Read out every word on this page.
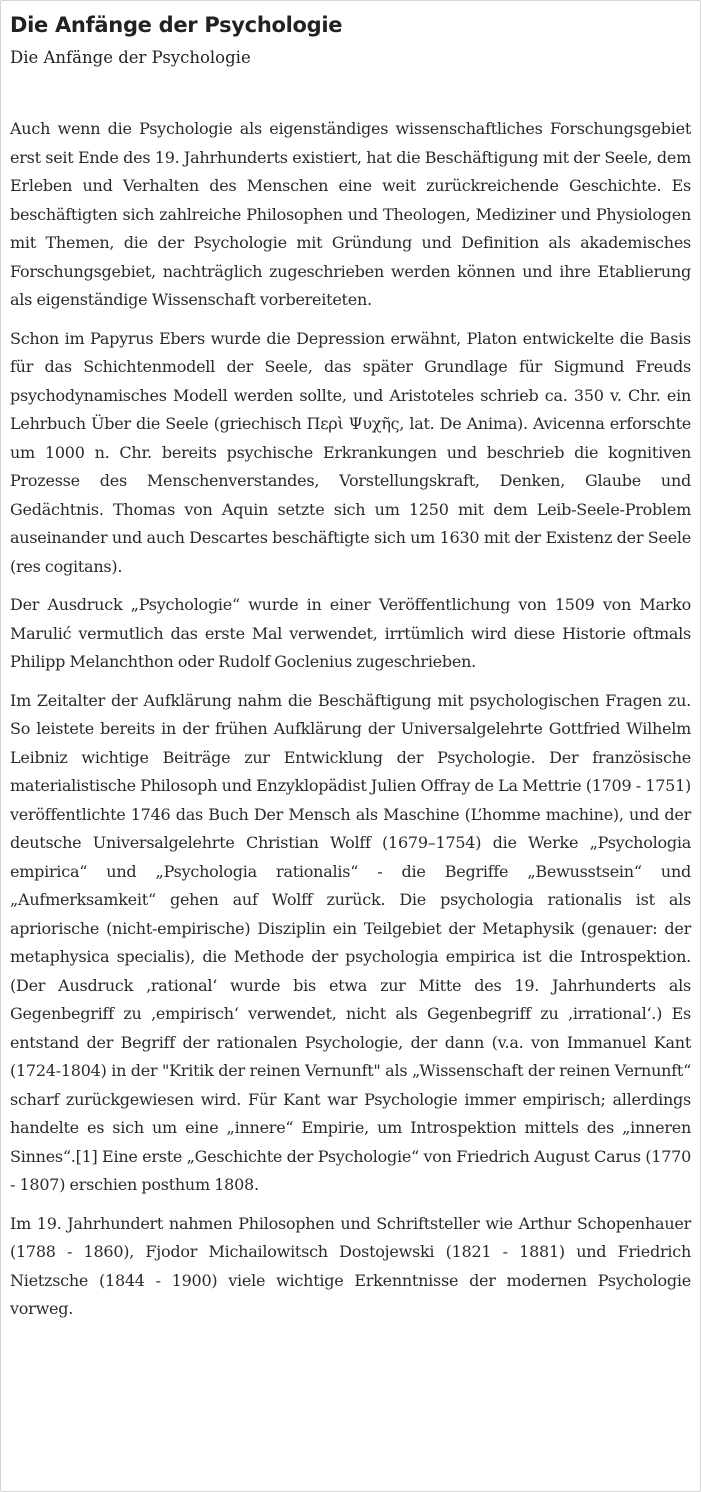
Die Anfänge der Psychologie
Die Anfänge der Psychologie

Auch wenn die Psychologie als eigenständiges wissenschaftliches Forschungsgebiet erst seit Ende des 19. Jahrhunderts existiert, hat die Beschäftigung mit der Seele, dem Erleben und Verhalten des Menschen eine weit zurückreichende Geschichte. Es beschäftigten sich zahlreiche Philosophen und Theologen, Mediziner und Physiologen mit Themen, die der Psychologie mit Gründung und Definition als akademisches Forschungsgebiet, nachträglich zugeschrieben werden können und ihre Etablierung als eigenständige Wissenschaft vorbereiteten.

Schon im Papyrus Ebers wurde die Depression erwähnt, Platon entwickelte die Basis für das Schichtenmodell der Seele, das später Grundlage für Sigmund Freuds psychodynamisches Modell werden sollte, und Aristoteles schrieb ca. 350 v. Chr. ein Lehrbuch Über die Seele (griechisch Περὶ Ψυχῆς, lat. De Anima). Avicenna erforschte um 1000 n. Chr. bereits psychische Erkrankungen und beschrieb die kognitiven Prozesse des Menschenverstandes, Vorstellungskraft, Denken, Glaube und Gedächtnis. Thomas von Aquin setzte sich um 1250 mit dem Leib-Seele-Problem auseinander und auch Descartes beschäftigte sich um 1630 mit der Existenz der Seele (res cogitans).

Der Ausdruck „Psychologie“ wurde in einer Veröffentlichung von 1509 von Marko Marulić vermutlich das erste Mal verwendet, irrtümlich wird diese Historie oftmals Philipp Melanchthon oder Rudolf Goclenius zugeschrieben.

Im Zeitalter der Aufklärung nahm die Beschäftigung mit psychologischen Fragen zu. So leistete bereits in der frühen Aufklärung der Universalgelehrte Gottfried Wilhelm Leibniz wichtige Beiträge zur Entwicklung der Psychologie. Der französische materialistische Philosoph und Enzyklopädist Julien Offray de La Mettrie (1709 - 1751) veröffentlichte 1746 das Buch Der Mensch als Maschine (L’homme machine), und der deutsche Universalgelehrte Christian Wolff (1679–1754) die Werke „Psychologia empirica“ und „Psychologia rationalis“ - die Begriffe „Bewusstsein“ und „Aufmerksamkeit“ gehen auf Wolff zurück. Die psychologia rationalis ist als apriorische (nicht-empirische) Disziplin ein Teilgebiet der Metaphysik (genauer: der metaphysica specialis), die Methode der psychologia empirica ist die Introspektion. (Der Ausdruck ‚rational‘ wurde bis etwa zur Mitte des 19. Jahrhunderts als Gegenbegriff zu ‚empirisch‘ verwendet, nicht als Gegenbegriff zu ‚irrational‘.) Es entstand der Begriff der rationalen Psychologie, der dann (v.a. von Immanuel Kant (1724-1804) in der "Kritik der reinen Vernunft" als „Wissenschaft der reinen Vernunft“ scharf zurückgewiesen wird. Für Kant war Psychologie immer empirisch; allerdings handelte es sich um eine „innere“ Empirie, um Introspektion mittels des „inneren Sinnes“.[1] Eine erste „Geschichte der Psychologie“ von Friedrich August Carus (1770 - 1807) erschien posthum 1808.

Im 19. Jahrhundert nahmen Philosophen und Schriftsteller wie Arthur Schopenhauer (1788 - 1860), Fjodor Michailowitsch Dostojewski (1821 - 1881) und Friedrich Nietzsche (1844 - 1900) viele wichtige Erkenntnisse der modernen Psychologie vorweg.
